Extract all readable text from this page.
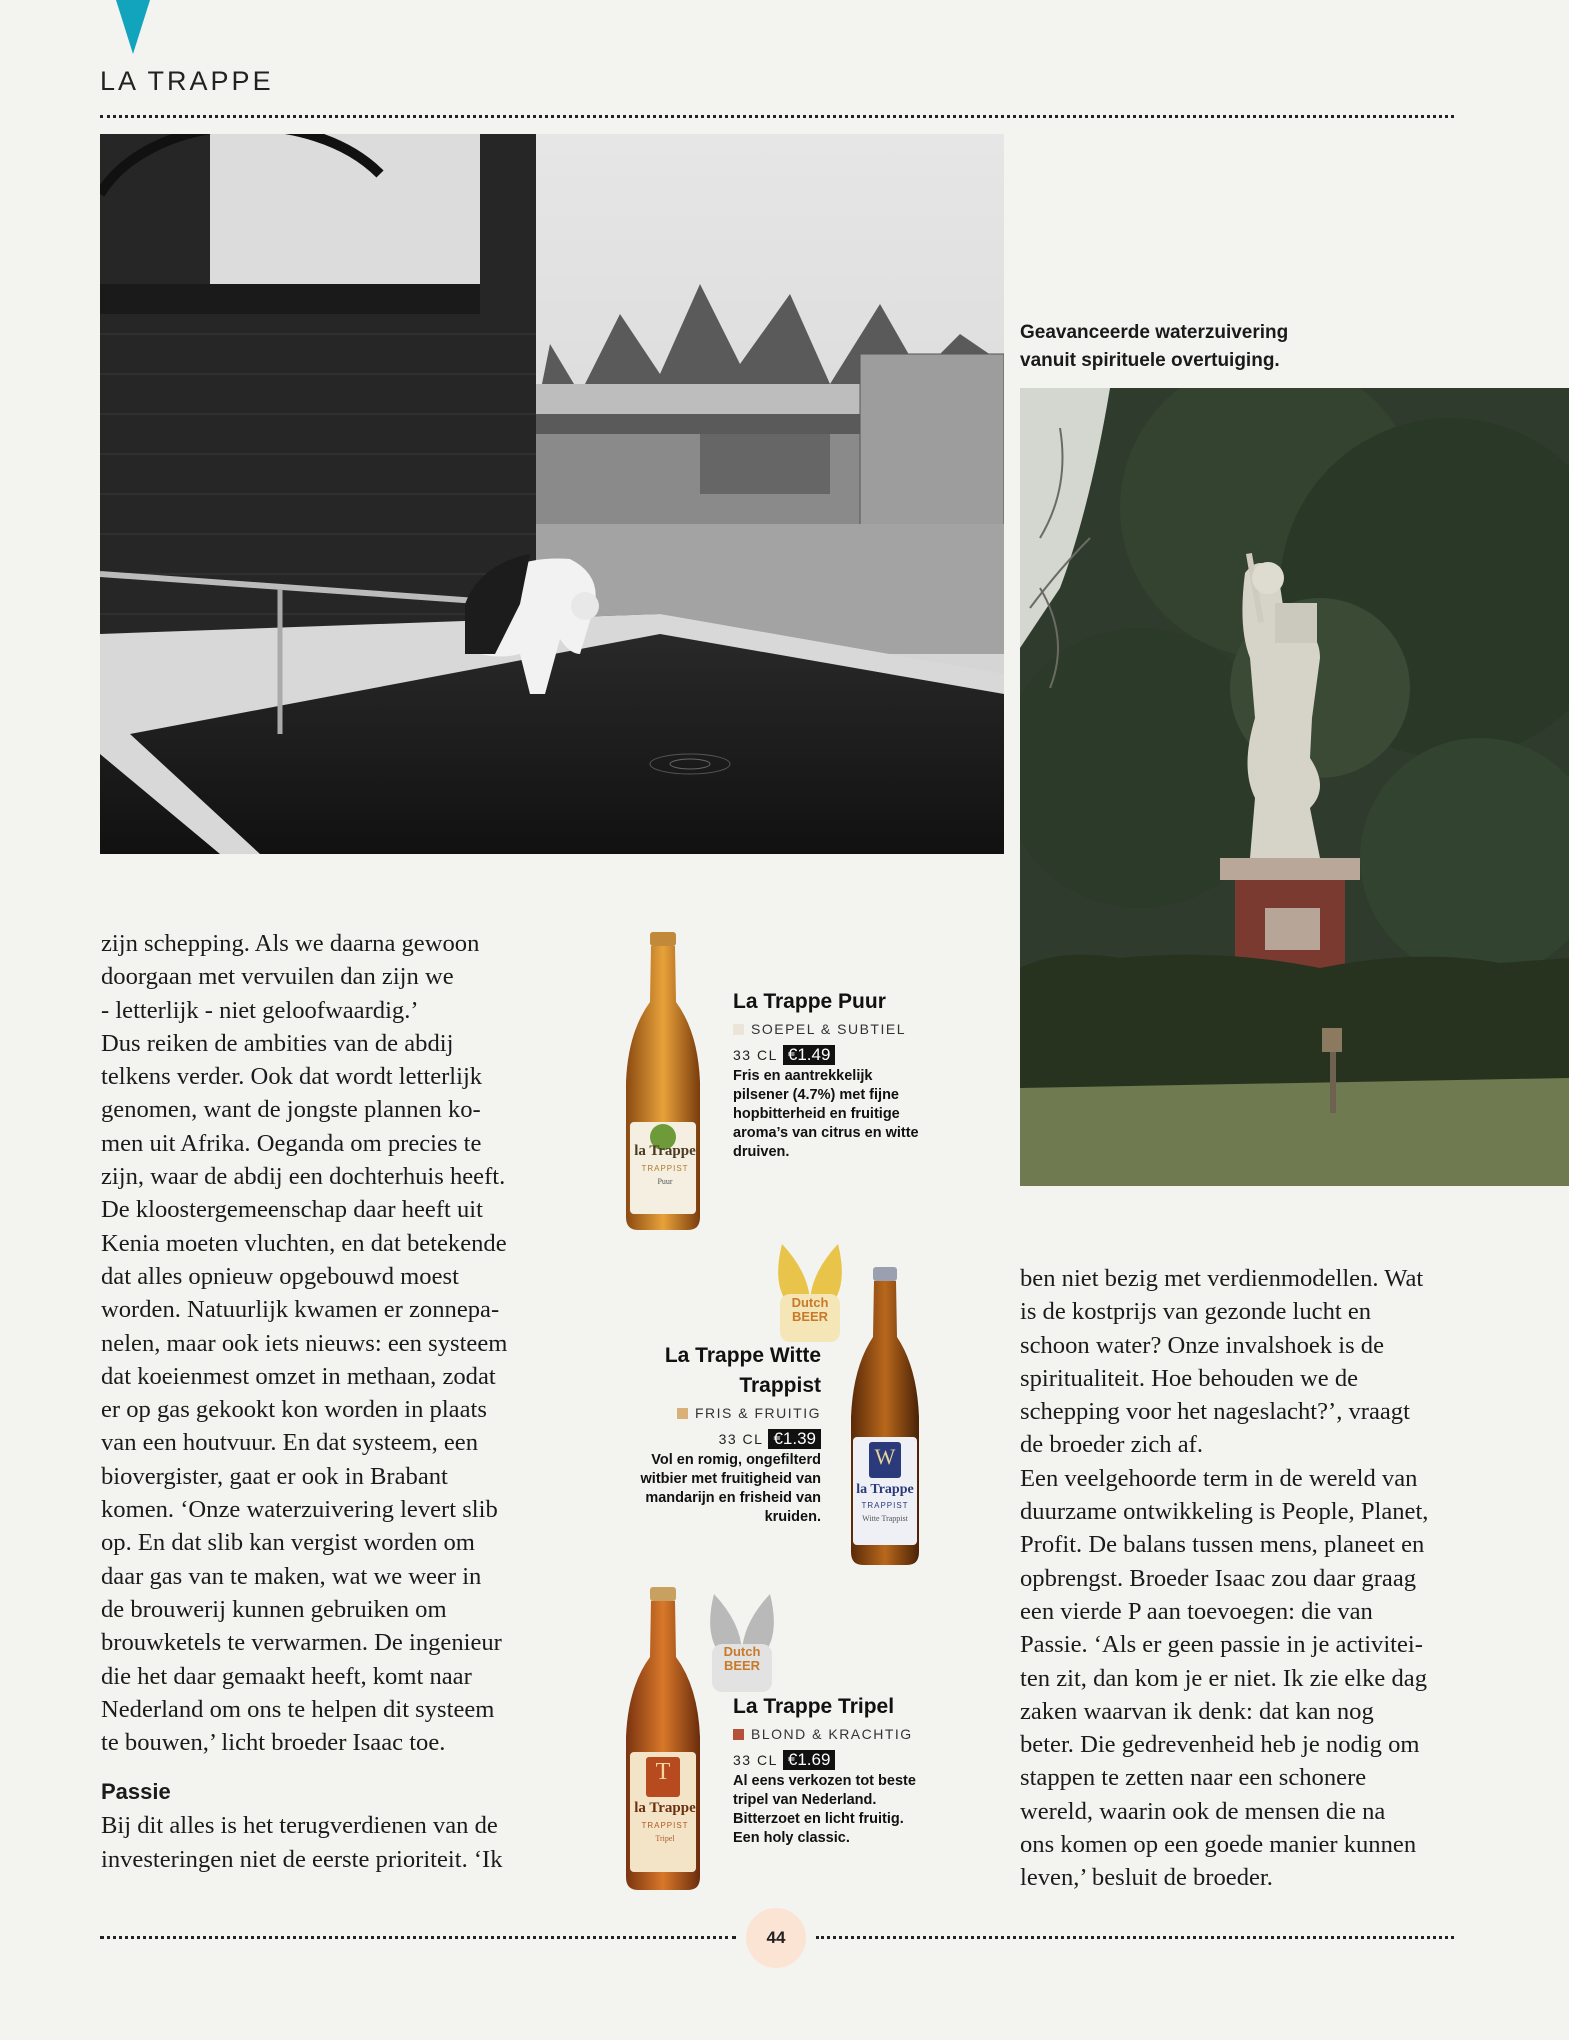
LA TRAPPE
Geavanceerde waterzuivering
vanuit spirituele overtuiging.

zijn schepping. Als we daarna gewoon

doorgaan met vervuilen dan zijn we

- letterlijk - niet geloofwaardig.’

Dus reiken de ambities van de abdij

telkens verder. Ook dat wordt letterlijk

genomen, want de jongste plannen ko-

men uit Afrika. Oeganda om precies te

zijn, waar de abdij een dochterhuis heeft.

De kloostergemeenschap daar heeft uit

Kenia moeten vluchten, en dat betekende

dat alles opnieuw opgebouwd moest

worden. Natuurlijk kwamen er zonnepa-

nelen, maar ook iets nieuws: een systeem

dat koeienmest omzet in methaan, zodat

er op gas gekookt kon worden in plaats

van een houtvuur. En dat systeem, een

biovergister, gaat er ook in Brabant

komen. ‘Onze waterzuivering levert slib

op. En dat slib kan vergist worden om

daar gas van te maken, wat we weer in

de brouwerij kunnen gebruiken om

brouwketels te verwarmen. De ingenieur

die het daar gemaakt heeft, komt naar

Nederland om ons te helpen dit systeem

te bouwen,’ licht broeder Isaac toe.

Passie

Bij dit alles is het terugverdienen van de

investeringen niet de eerste prioriteit. ‘Ik

ben niet bezig met verdienmodellen. Wat

is de kostprijs van gezonde lucht en

schoon water? Onze invalshoek is de

spiritualiteit. Hoe behouden we de

schepping voor het nageslacht?’, vraagt

de broeder zich af.

Een veelgehoorde term in de wereld van

duurzame ontwikkeling is People, Planet,

Profit. De balans tussen mens, planeet en

opbrengst. Broeder Isaac zou daar graag

een vierde P aan toevoegen: die van

Passie. ‘Als er geen passie in je activitei-

ten zit, dan kom je er niet. Ik zie elke dag

zaken waarvan ik denk: dat kan nog

beter. Die gedrevenheid heb je nodig om

stappen te zetten naar een schonere

wereld, waarin ook de mensen die na

ons komen op een goede manier kunnen

leven,’ besluit de broeder.

la Trappe
TRAPPIST
Puur
La Trappe Puur
SOEPEL & SUBTIEL
33 CL €1.49
Fris en aantrekkelijk
pilsener (4.7%) met fijne
hopbitterheid en fruitige
aroma’s van citrus en witte
druiven.
Dutch BEER
W
la Trappe
TRAPPIST
Witte Trappist
La Trappe Witte
Trappist
FRIS & FRUITIG
33 CL €1.39
Vol en romig, ongefilterd
witbier met fruitigheid van
mandarijn en frisheid van
kruiden.
T
la Trappe
TRAPPIST
Tripel
Dutch BEER
La Trappe Tripel
BLOND & KRACHTIG
33 CL €1.69
Al eens verkozen tot beste
tripel van Nederland.
Bitterzoet en licht fruitig.
Een holy classic.
44
